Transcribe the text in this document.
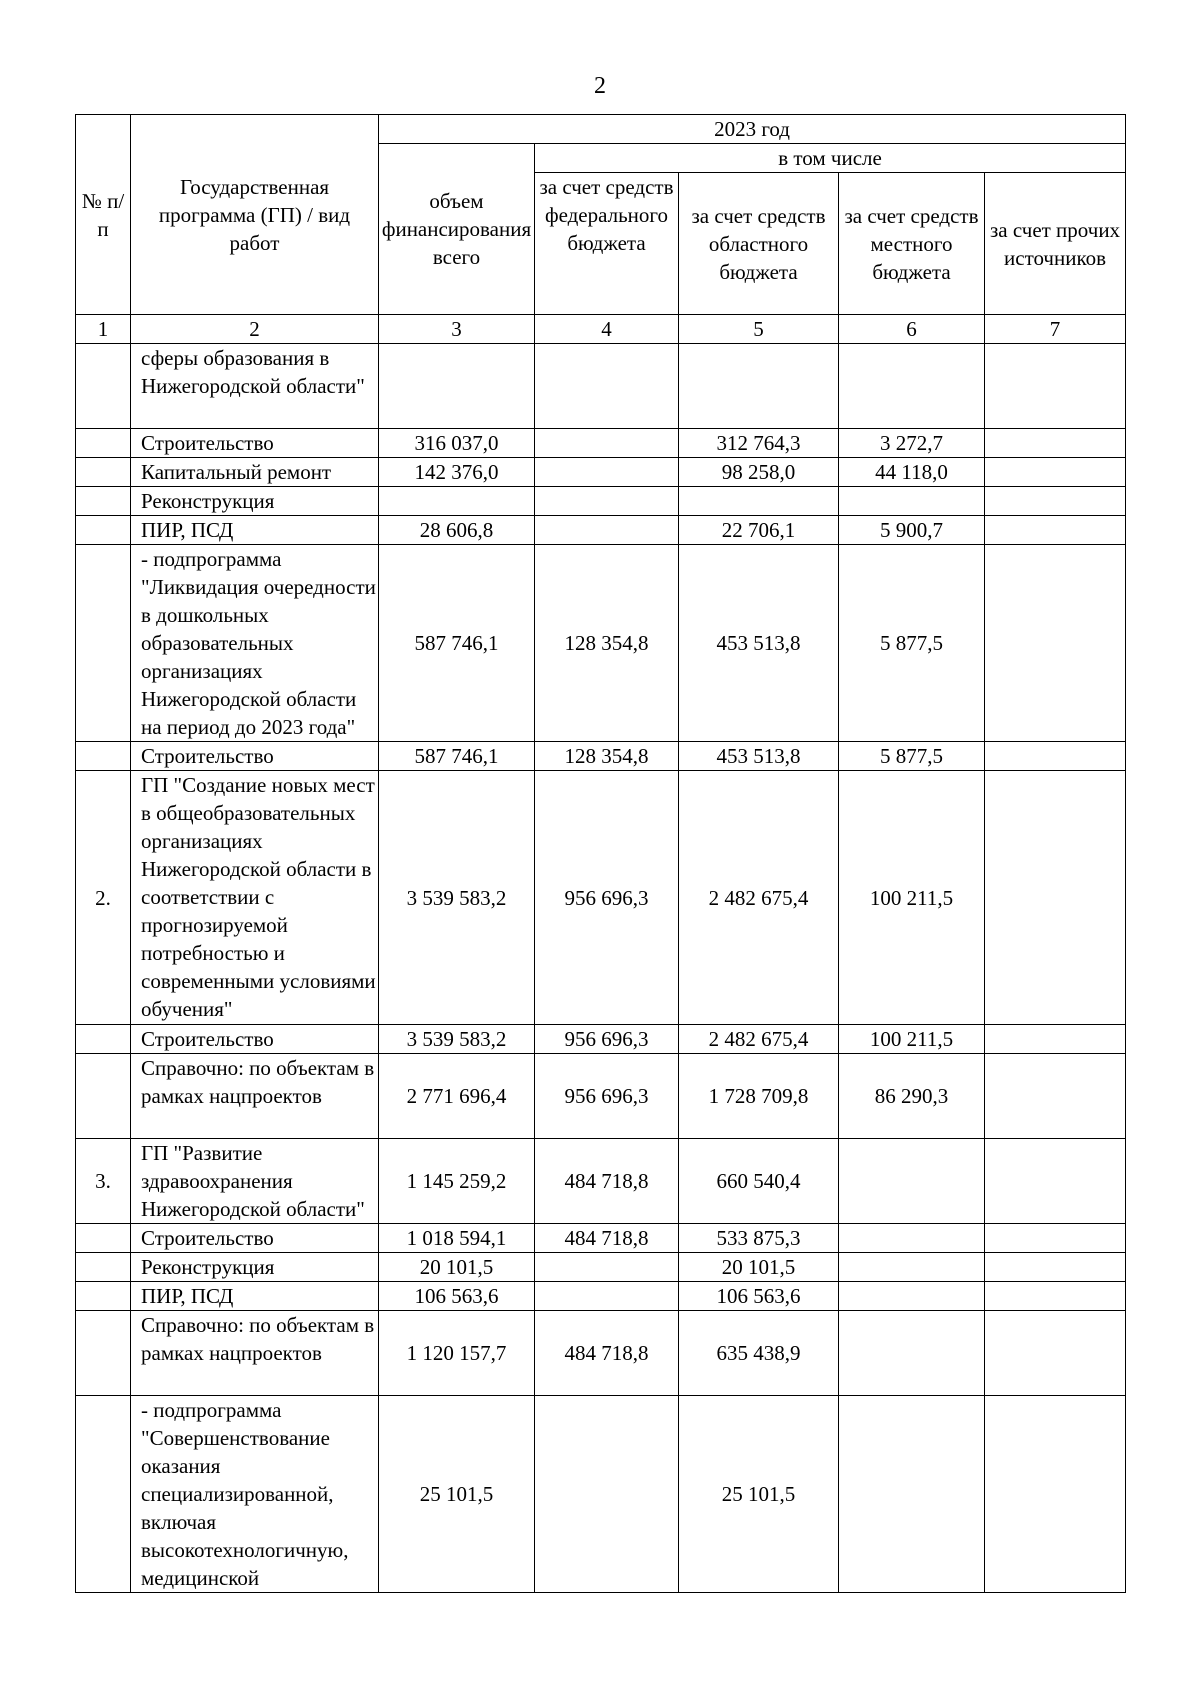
2
№ п/п	Государственная программа (ГП) / вид работ	2023 год				
		объем финансирования всего	в том числе			
			за счет средств федерального бюджета	за счет средств областного бюджета	за счет средств местного бюджета	за счет прочих источников
1	2	3	4	5	6	7
	сферы образования в Нижегородской области"					
	Строительство	316 037,0		312 764,3	3 272,7	
	Капитальный ремонт	142 376,0		98 258,0	44 118,0	
	Реконструкция					
	ПИР, ПСД	28 606,8		22 706,1	5 900,7	
	- подпрограмма "Ликвидация очередности в дошкольных образовательных организациях Нижегородской области на период до 2023 года"	587 746,1	128 354,8	453 513,8	5 877,5	
	Строительство	587 746,1	128 354,8	453 513,8	5 877,5	
2.	ГП "Создание новых мест в общеобразовательных организациях Нижегородской области в соответствии с прогнозируемой потребностью и современными условиями обучения"	3 539 583,2	956 696,3	2 482 675,4	100 211,5	
	Строительство	3 539 583,2	956 696,3	2 482 675,4	100 211,5	
	Справочно: по объектам в рамках нацпроектов	2 771 696,4	956 696,3	1 728 709,8	86 290,3	
3.	ГП "Развитие здравоохранения Нижегородской области"	1 145 259,2	484 718,8	660 540,4		
	Строительство	1 018 594,1	484 718,8	533 875,3		
	Реконструкция	20 101,5		20 101,5		
	ПИР, ПСД	106 563,6		106 563,6		
	Справочно: по объектам в рамках нацпроектов	1 120 157,7	484 718,8	635 438,9		
	- подпрограмма "Совершенствование оказания специализированной, включая высокотехнологичную, медицинской	25 101,5		25 101,5		
